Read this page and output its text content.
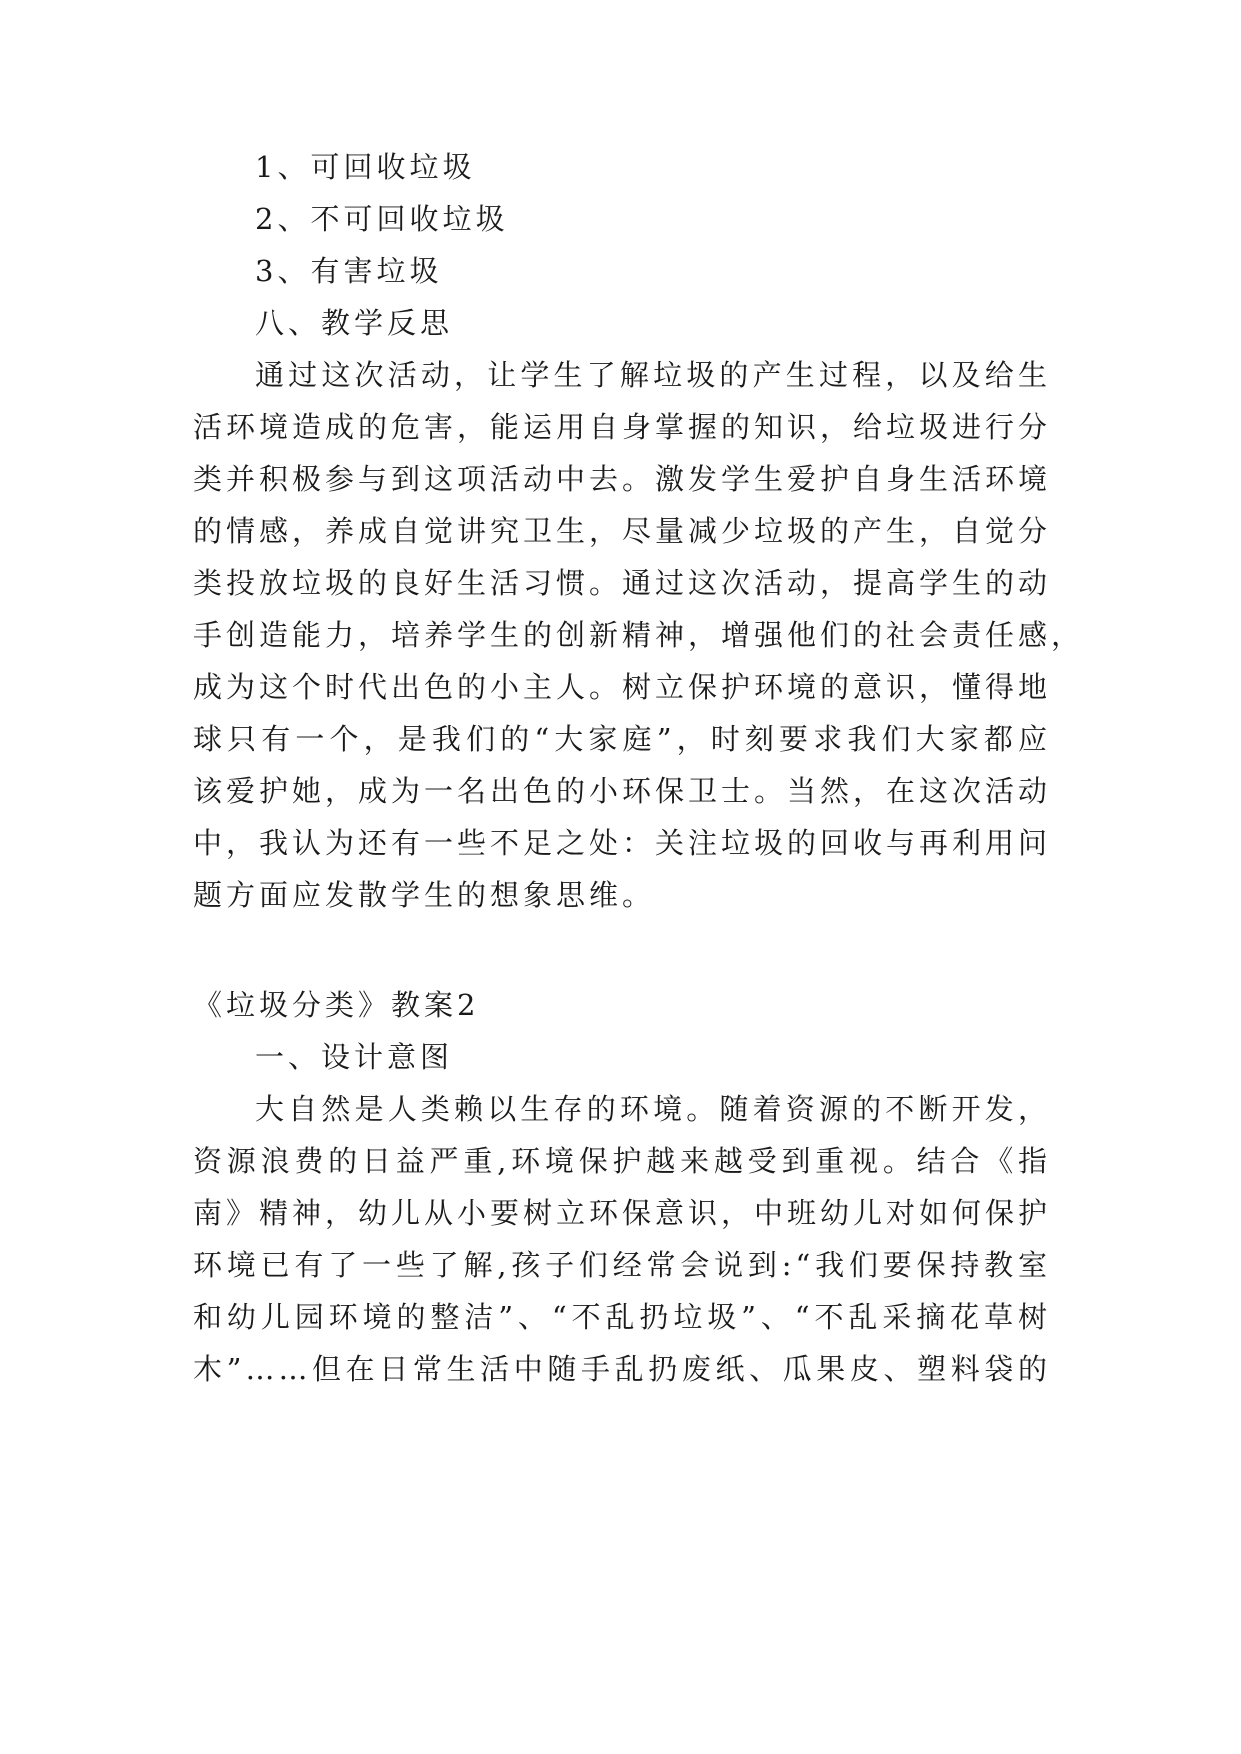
1、可回收垃圾
2、不可回收垃圾
3、有害垃圾
八、教学反思
通过这次活动，让学生了解垃圾的产生过程，以及给生
活环境造成的危害，能运用自身掌握的知识，给垃圾进行分
类并积极参与到这项活动中去。激发学生爱护自身生活环境
的情感，养成自觉讲究卫生，尽量减少垃圾的产生，自觉分
类投放垃圾的良好生活习惯。通过这次活动，提高学生的动
手创造能力，培养学生的创新精神，增强他们的社会责任感，
成为这个时代出色的小主人。树立保护环境的意识，懂得地
球只有一个，是我们的“大家庭”，时刻要求我们大家都应
该爱护她，成为一名出色的小环保卫士。当然，在这次活动
中，我认为还有一些不足之处：关注垃圾的回收与再利用问
题方面应发散学生的想象思维。
《垃圾分类》教案2
一、设计意图
大自然是人类赖以生存的环境。随着资源的不断开发，
资源浪费的日益严重,环境保护越来越受到重视。结合《指
南》精神，幼儿从小要树立环保意识，中班幼儿对如何保护
环境已有了一些了解,孩子们经常会说到:“我们要保持教室
和幼儿园环境的整洁”、“不乱扔垃圾”、“不乱采摘花草树
木”……但在日常生活中随手乱扔废纸、瓜果皮、塑料袋的
